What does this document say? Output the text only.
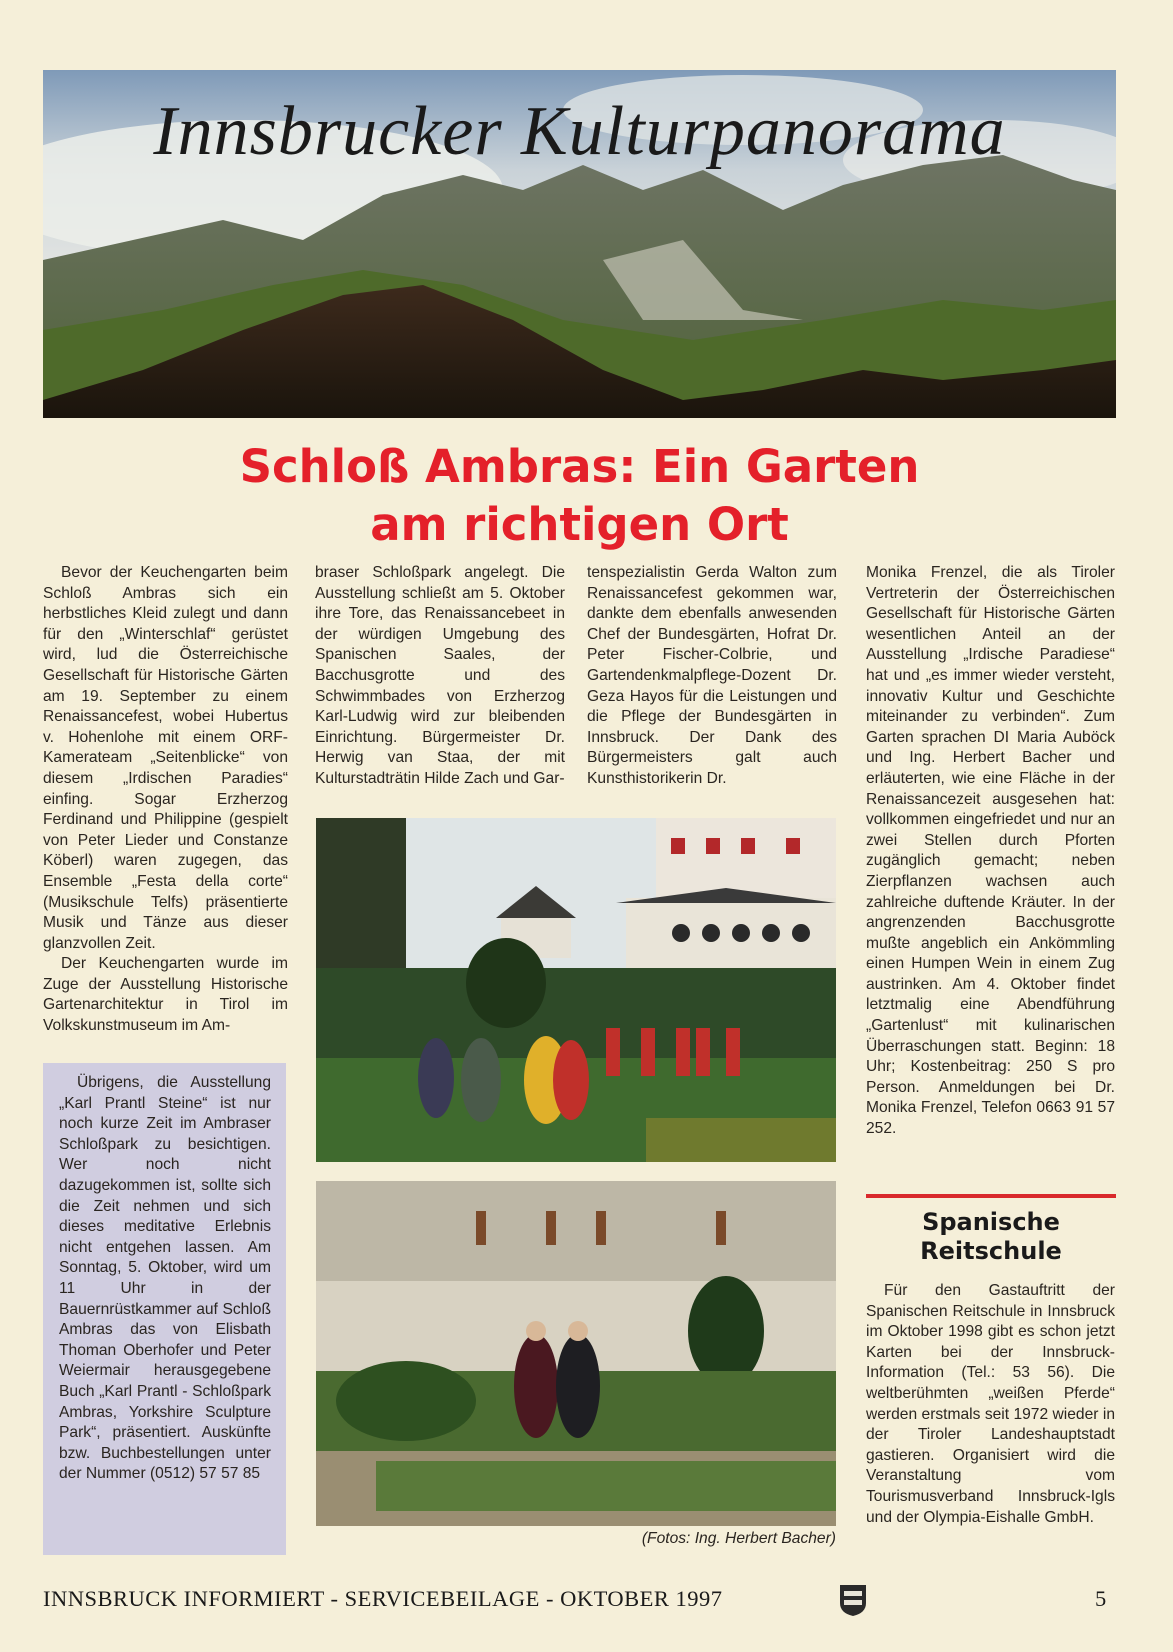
Innsbrucker Kulturpanorama
Schloß Ambras: Ein Garten
am richtigen Ort

Bevor der Keuchengarten beim Schloß Ambras sich ein herbstliches Kleid zulegt und dann für den „Winterschlaf“ gerüstet wird, lud die Österreichische Gesellschaft für Historische Gärten am 19. September zu einem Renaissancefest, wobei Hubertus v. Hohenlohe mit einem ORF-Kamerateam „Seitenblicke“ von diesem „Irdischen Paradies“ einfing. Sogar Erzherzog Ferdinand und Philippine (gespielt von Peter Lieder und Constanze Köberl) waren zugegen, das Ensemble „Festa della corte“ (Musikschule Telfs) präsentierte Musik und Tänze aus dieser glanzvollen Zeit.

Der Keuchengarten wurde im Zuge der Ausstellung Historische Gartenarchitektur in Tirol im Volkskunstmuseum im Am-

braser Schloßpark angelegt. Die Ausstellung schließt am 5. Oktober ihre Tore, das Renaissancebeet in der würdigen Umgebung des Spanischen Saales, der Bacchusgrotte und des Schwimmbades von Erzherzog Karl-Ludwig wird zur bleibenden Einrichtung. Bürgermeister Dr. Herwig van Staa, der mit Kulturstadträtin Hilde Zach und Gar-

tenspezialistin Gerda Walton zum Renaissancefest gekommen war, dankte dem ebenfalls anwesenden Chef der Bundesgärten, Hofrat Dr. Peter Fischer-Colbrie, und Gartendenkmalpflege-Dozent Dr. Geza Hayos für die Leistungen und die Pflege der Bundesgärten in Innsbruck. Der Dank des Bürgermeisters galt auch Kunsthistorikerin Dr.

Monika Frenzel, die als Tiroler Vertreterin der Österreichischen Gesellschaft für Historische Gärten wesentlichen Anteil an der Ausstellung „Irdische Paradiese“ hat und „es immer wieder versteht, innovativ Kultur und Geschichte miteinander zu verbinden“. Zum Garten sprachen DI Maria Auböck und Ing. Herbert Bacher und erläuterten, wie eine Fläche in der Renaissancezeit ausgesehen hat: vollkommen eingefriedet und nur an zwei Stellen durch Pforten zugänglich gemacht; neben Zierpflanzen wachsen auch zahlreiche duftende Kräuter. In der angrenzenden Bacchusgrotte mußte angeblich ein Ankömmling einen Humpen Wein in einem Zug austrinken. Am 4. Oktober findet letztmalig eine Abendführung „Gartenlust“ mit kulinarischen Überraschungen statt. Beginn: 18 Uhr; Kostenbeitrag: 250 S pro Person. Anmeldungen bei Dr. Monika Frenzel, Telefon 0663 91 57 252.

Übrigens, die Ausstellung „Karl Prantl Steine“ ist nur noch kurze Zeit im Ambraser Schloßpark zu besichtigen. Wer noch nicht dazugekommen ist, sollte sich die Zeit nehmen und sich dieses meditative Erlebnis nicht entgehen lassen. Am Sonntag, 5. Oktober, wird um 11 Uhr in der Bauernrüstkammer auf Schloß Ambras das von Elisbath Thoman Oberhofer und Peter Weiermair herausgegebene Buch „Karl Prantl - Schloßpark Ambras, Yorkshire Sculpture Park“, präsentiert. Auskünfte bzw. Buchbestellungen unter der Nummer (0512) 57 57 85

(Fotos: Ing. Herbert Bacher)
Spanische
Reitschule

Für den Gastauftritt der Spanischen Reitschule in Innsbruck im Oktober 1998 gibt es schon jetzt Karten bei der Innsbruck-Information (Tel.: 53 56). Die weltberühmten „weißen Pferde“ werden erstmals seit 1972 wieder in der Tiroler Landeshauptstadt gastieren. Organisiert wird die Veranstaltung vom Tourismusverband Innsbruck-Igls und der Olympia-Eishalle GmbH.

INNSBRUCK INFORMIERT - SERVICEBEILAGE - OKTOBER 1997	5
